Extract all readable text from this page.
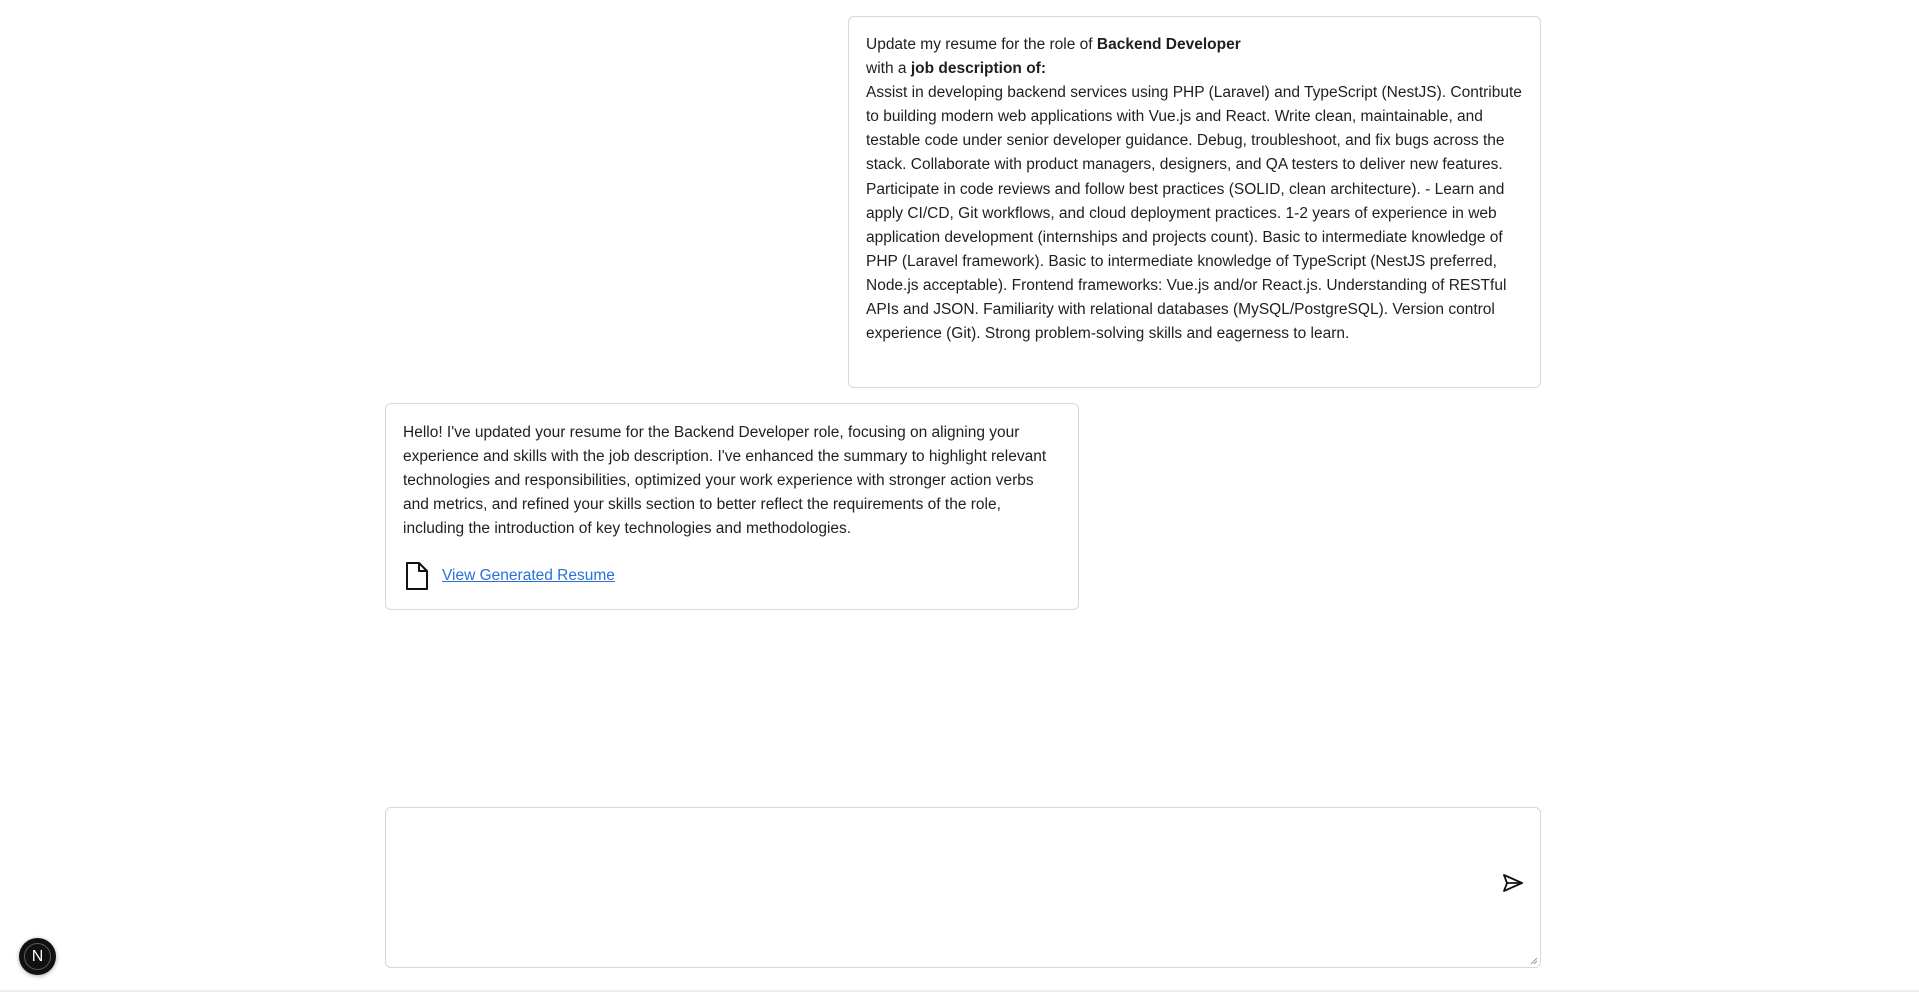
Update my resume for the role of Backend Developer
with a job description of:
Assist in developing backend services using PHP (Laravel) and TypeScript (NestJS). Contribute to building modern web applications with Vue.js and React. Write clean, maintainable, and testable code under senior developer guidance. Debug, troubleshoot, and fix bugs across the stack. Collaborate with product managers, designers, and QA testers to deliver new features. Participate in code reviews and follow best practices (SOLID, clean architecture). - Learn and apply CI/CD, Git workflows, and cloud deployment practices. 1-2 years of experience in web application development (internships and projects count). Basic to intermediate knowledge of PHP (Laravel framework). Basic to intermediate knowledge of TypeScript (NestJS preferred, Node.js acceptable). Frontend frameworks: Vue.js and/or React.js. Understanding of RESTful APIs and JSON. Familiarity with relational databases (MySQL/PostgreSQL). Version control experience (Git). Strong problem-solving skills and eagerness to learn.

Hello! I've updated your resume for the Backend Developer role, focusing on aligning your experience and skills with the job description. I've enhanced the summary to highlight relevant technologies and responsibilities, optimized your work experience with stronger action verbs and metrics, and refined your skills section to better reflect the requirements of the role, including the introduction of key technologies and methodologies.

View Generated Resume
N
